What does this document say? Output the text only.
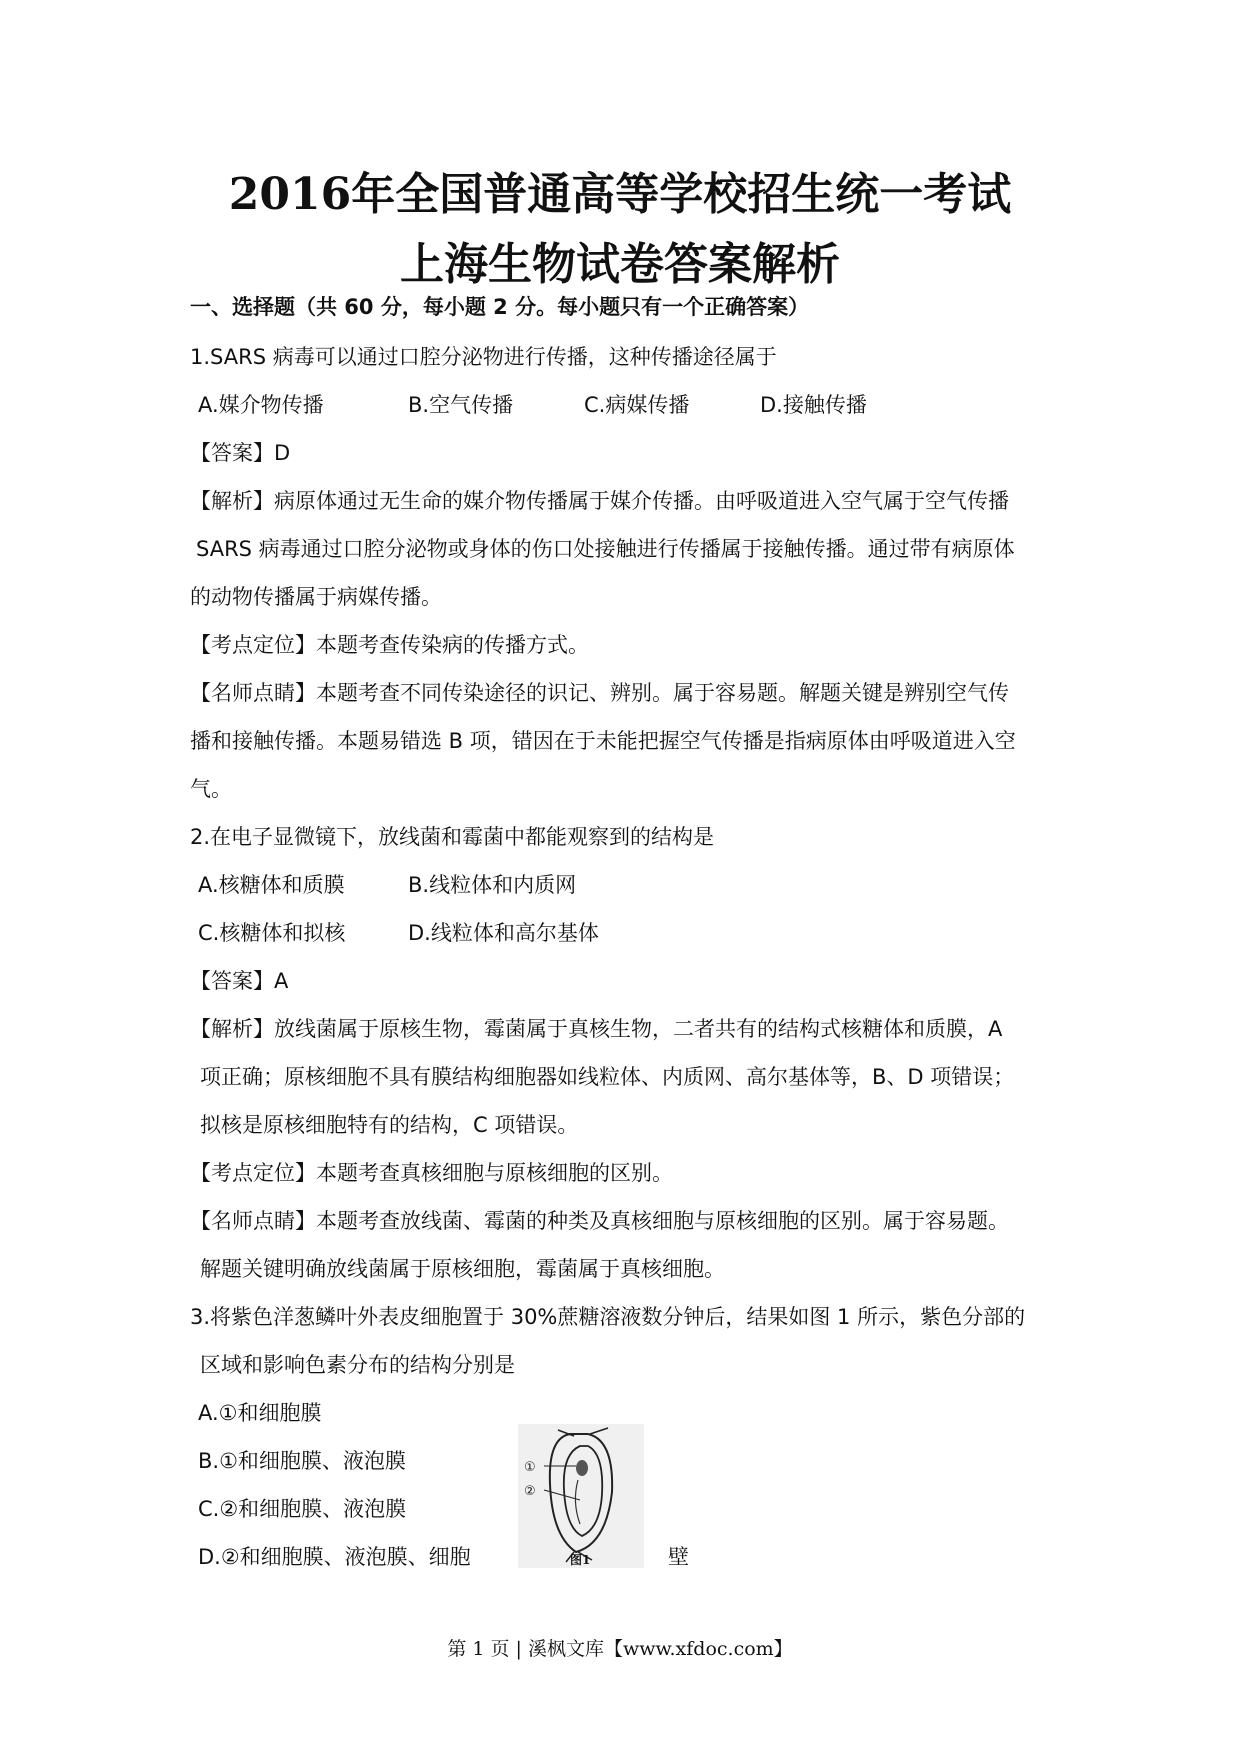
2016年全国普通高等学校招生统一考试
上海生物试卷答案解析
一、选择题（共 60 分，每小题 2 分。每小题只有一个正确答案）
1.SARS 病毒可以通过口腔分泌物进行传播，这种传播途径属于
A.媒介物传播	B.空气传播	C.病媒传播	D.接触传播
【答案】D
【解析】病原体通过无生命的媒介物传播属于媒介传播。由呼吸道进入空气属于空气传播
SARS 病毒通过口腔分泌物或身体的伤口处接触进行传播属于接触传播。通过带有病原体
的动物传播属于病媒传播。
【考点定位】本题考查传染病的传播方式。
【名师点睛】本题考查不同传染途径的识记、辨别。属于容易题。解题关键是辨别空气传
播和接触传播。本题易错选 B 项，错因在于未能把握空气传播是指病原体由呼吸道进入空
气。
2.在电子显微镜下，放线菌和霉菌中都能观察到的结构是
A.核糖体和质膜	B.线粒体和内质网
C.核糖体和拟核	D.线粒体和高尔基体
【答案】A
【解析】放线菌属于原核生物，霉菌属于真核生物，二者共有的结构式核糖体和质膜，A
项正确；原核细胞不具有膜结构细胞器如线粒体、内质网、高尔基体等，B、D 项错误；
拟核是原核细胞特有的结构，C 项错误。
【考点定位】本题考查真核细胞与原核细胞的区别。
【名师点睛】本题考查放线菌、霉菌的种类及真核细胞与原核细胞的区别。属于容易题。
解题关键明确放线菌属于原核细胞，霉菌属于真核细胞。
3.将紫色洋葱鳞叶外表皮细胞置于 30%蔗糖溶液数分钟后，结果如图 1 所示，紫色分部的
区域和影响色素分布的结构分别是
A.①和细胞膜
B.①和细胞膜、液泡膜
C.②和细胞膜、液泡膜
D.②和细胞膜、液泡膜、细胞	壁
①
②
图1
第 1 页 | 溪枫文库【www.xfdoc.com】
